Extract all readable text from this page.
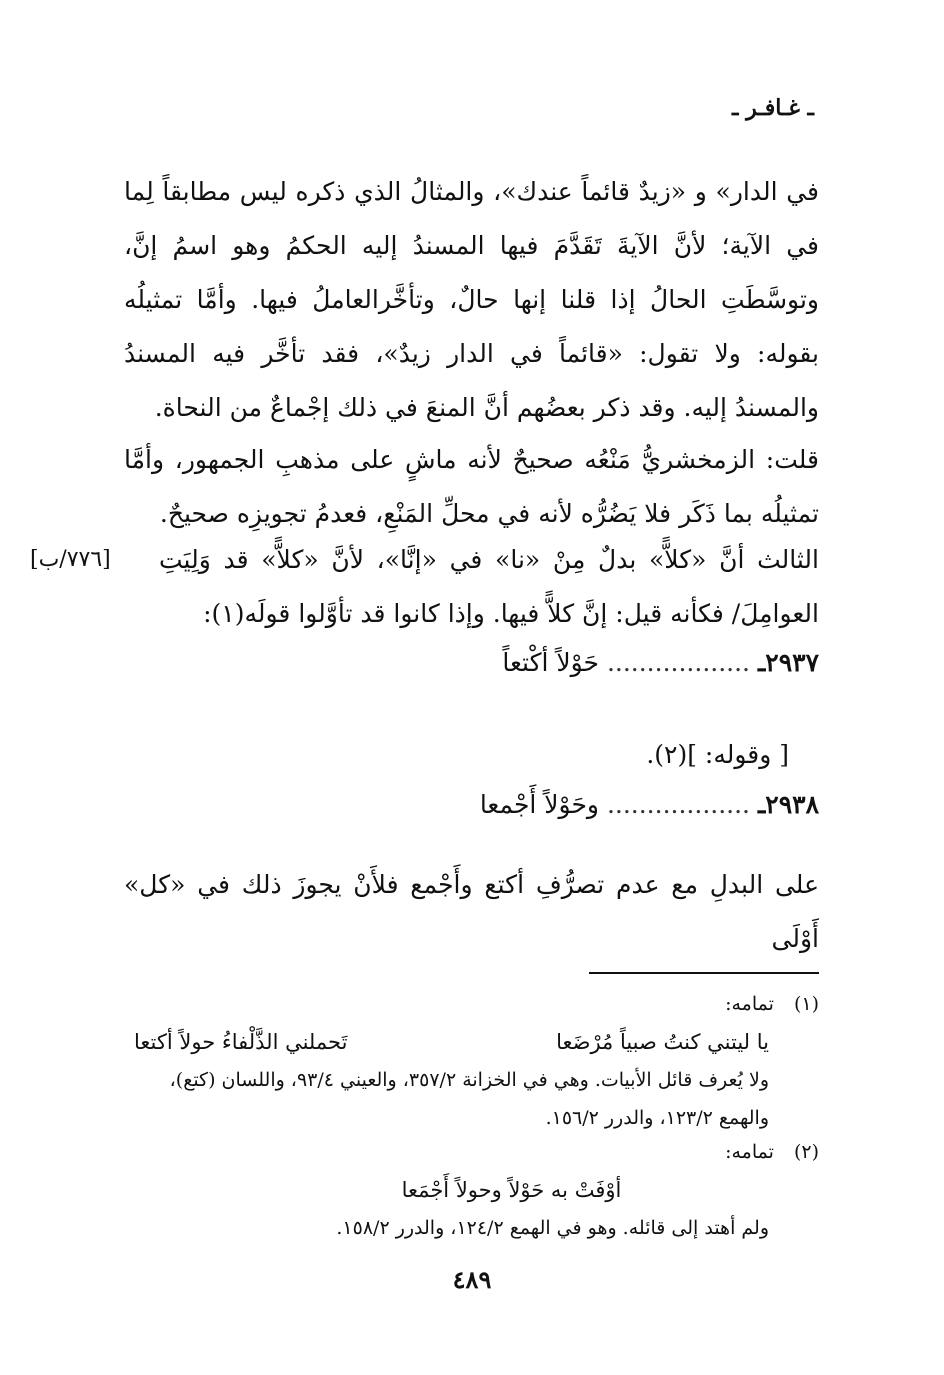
ـ غـافـر ـ
في الدار» و «زيدٌ قائماً عندك»، والمثالُ الذي ذكره ليس مطابقاً لِما في الآية؛ لأنَّ الآيةَ تَقَدَّمَ فيها المسندُ إليه الحكمُ وهو اسمُ إنَّ، وتوسَّطَتِ الحالُ إذا قلنا إنها حالٌ، وتأخَّرالعاملُ فيها. وأمَّا تمثيلُه بقوله: ولا تقول: «قائماً في الدار زيدٌ»، فقد تأخَّر فيه المسندُ والمسندُ إليه. وقد ذكر بعضُهم أنَّ المنعَ في ذلك إجْماعٌ من النحاة.
قلت: الزمخشريُّ مَنْعُه صحيحٌ لأنه ماشٍ على مذهبِ الجمهور، وأمَّا تمثيلُه بما ذَكَر فلا يَضُرُّه لأنه في محلِّ المَنْعِ، فعدمُ تجويزِه صحيحٌ.
الثالث أنَّ «كلاًّ» بدلٌ مِنْ «نا» في «إنَّا»، لأنَّ «كلاًّ» قد وَلِيَتِ العوامِلَ/ فكأنه قيل: إنَّ كلاًّ فيها. وإذا كانوا قد تأوَّلوا قولَه(١):
[٧٧٦/ب]
٢٩٣٧ـ .................. حَوْلاً أكْتعاً
[ وقوله: ](٢).
٢٩٣٨ـ .................. وحَوْلاً أَجْمعا
على البدلِ مع عدم تصرُّفِ أكتع وأَجْمع فلأَنْ يجوزَ ذلك في «كل» أَوْلَى
(١) تمامه:
يا ليتني كنتُ صبياً مُرْضَعا
تَحملني الذَّلْفاءُ حولاً أكتعا
ولا يُعرف قائل الأبيات. وهي في الخزانة ٣٥٧/٢، والعيني ٩٣/٤، واللسان (كتع)، والهمع ١٢٣/٢، والدرر ١٥٦/٢.
(٢) تمامه:
أوْفَتْ به حَوْلاً وحولاً أَجْمَعا
ولم أهتد إلى قائله. وهو في الهمع ١٢٤/٢، والدرر ١٥٨/٢.
٤٨٩
